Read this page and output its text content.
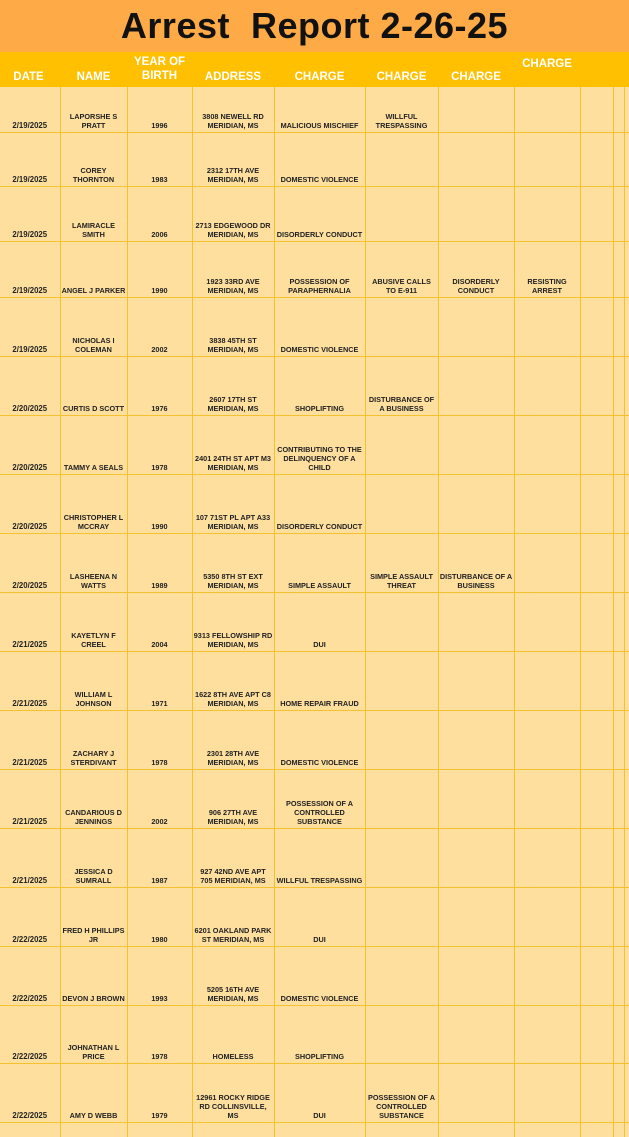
Arrest  Report 2-26-25
DATE	NAME
YEAR OF BIRTH	ADDRESS	CHARGE	CHARGE	CHARGE
CHARGE
2/19/2025	LAPORSHE S PRATT	1996	3808 NEWELL RD MERIDIAN, MS	MALICIOUS MISCHIEF	WILLFUL TRESPASSING					
2/19/2025	COREY THORNTON	1983	2312 17TH AVE MERIDIAN, MS	DOMESTIC VIOLENCE						
2/19/2025	LAMIRACLE SMITH	2006	2713 EDGEWOOD DR MERIDIAN, MS	DISORDERLY CONDUCT						
2/19/2025	ANGEL J PARKER	1990	1923 33RD AVE MERIDIAN, MS	POSSESSION OF PARAPHERNALIA	ABUSIVE CALLS TO E-911	DISORDERLY CONDUCT	RESISTING ARREST			
2/19/2025	NICHOLAS I COLEMAN	2002	3838 45TH ST MERIDIAN, MS	DOMESTIC VIOLENCE						
2/20/2025	CURTIS D SCOTT	1976	2607 17TH ST MERIDIAN, MS	SHOPLIFTING	DISTURBANCE OF A BUSINESS					
2/20/2025	TAMMY A SEALS	1978	2401 24TH ST APT M3 MERIDIAN, MS	CONTRIBUTING TO THE DELINQUENCY OF A CHILD						
2/20/2025	CHRISTOPHER L MCCRAY	1990	107 71ST PL APT A33 MERIDIAN, MS	DISORDERLY CONDUCT						
2/20/2025	LASHEENA N WATTS	1989	5350 8TH ST EXT MERIDIAN, MS	SIMPLE ASSAULT	SIMPLE ASSAULT THREAT	DISTURBANCE OF A BUSINESS				
2/21/2025	KAYETLYN F CREEL	2004	9313 FELLOWSHIP RD MERIDIAN, MS	DUI						
2/21/2025	WILLIAM L JOHNSON	1971	1622 8TH AVE APT C8 MERIDIAN, MS	HOME REPAIR FRAUD						
2/21/2025	ZACHARY J STERDIVANT	1978	2301 28TH AVE MERIDIAN, MS	DOMESTIC VIOLENCE						
2/21/2025	CANDARIOUS D JENNINGS	2002	906 27TH AVE MERIDIAN, MS	POSSESSION OF A CONTROLLED SUBSTANCE						
2/21/2025	JESSICA D SUMRALL	1987	927 42ND AVE APT 705 MERIDIAN, MS	WILLFUL TRESPASSING						
2/22/2025	FRED H PHILLIPS JR	1980	6201 OAKLAND PARK ST MERIDIAN, MS	DUI						
2/22/2025	DEVON J BROWN	1993	5205 16TH AVE MERIDIAN, MS	DOMESTIC VIOLENCE						
2/22/2025	JOHNATHAN L PRICE	1978	HOMELESS	SHOPLIFTING						
2/22/2025	AMY D WEBB	1979	12961 ROCKY RIDGE RD COLLINSVILLE, MS	DUI	POSSESSION OF A CONTROLLED SUBSTANCE					
